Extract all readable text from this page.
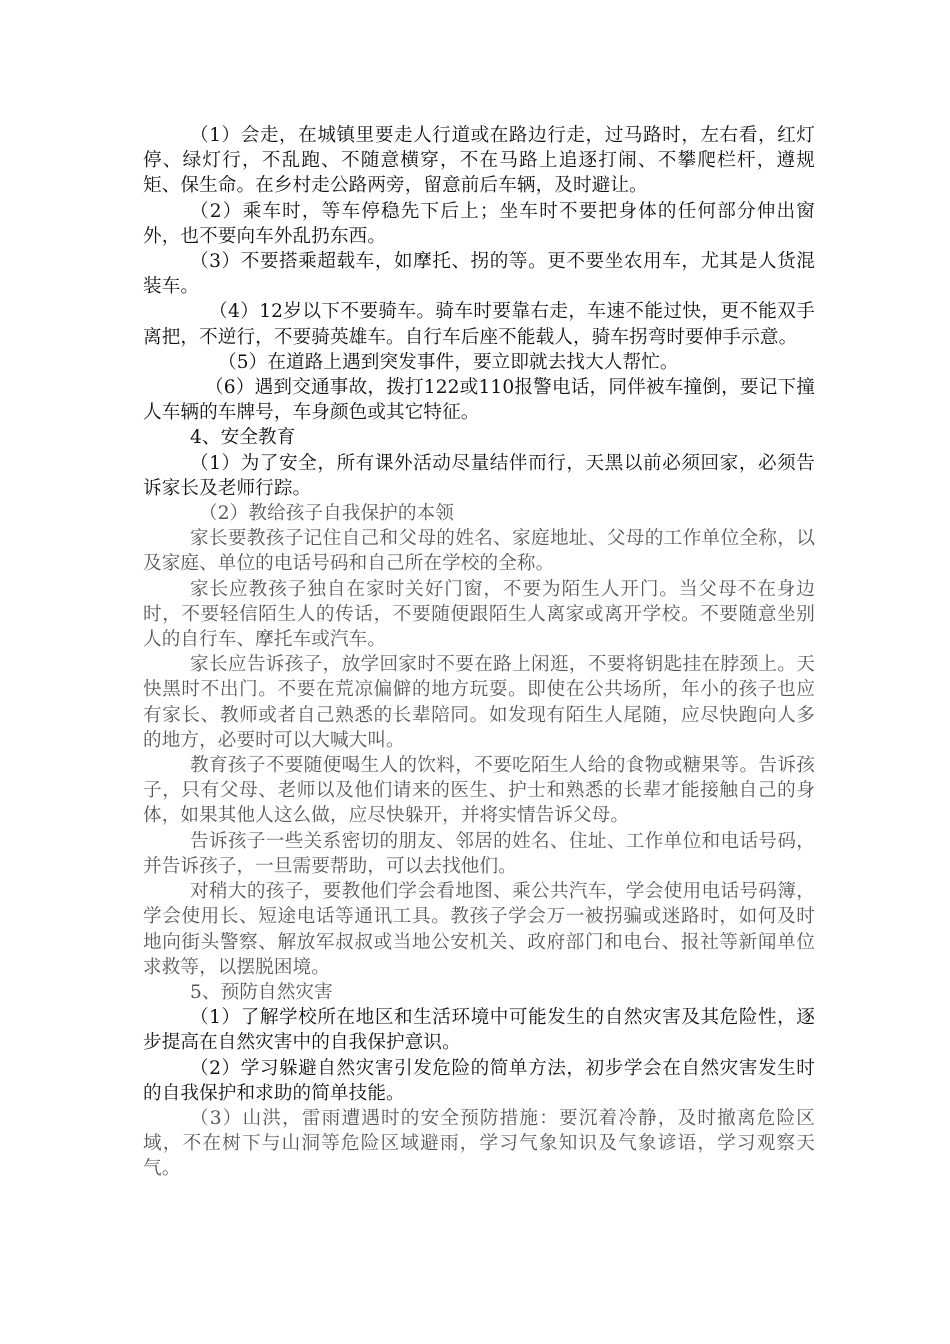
（1）会走，在城镇里要走人行道或在路边行走，过马路时，左右看，红灯停、绿灯行，不乱跑、不随意横穿，不在马路上追逐打闹、不攀爬栏杆，遵规矩、保生命。在乡村走公路两旁，留意前后车辆，及时避让。

（2）乘车时，等车停稳先下后上；坐车时不要把身体的任何部分伸出窗外，也不要向车外乱扔东西。

（3）不要搭乘超载车，如摩托、拐的等。更不要坐农用车，尤其是人货混装车。

（4）12岁以下不要骑车。骑车时要靠右走，车速不能过快，更不能双手离把，不逆行，不要骑英雄车。自行车后座不能载人，骑车拐弯时要伸手示意。

（5）在道路上遇到突发事件，要立即就去找大人帮忙。

（6）遇到交通事故，拨打122或110报警电话，同伴被车撞倒，要记下撞人车辆的车牌号，车身颜色或其它特征。

4、安全教育

（1）为了安全，所有课外活动尽量结伴而行，天黑以前必须回家，必须告诉家长及老师行踪。

（2）教给孩子自我保护的本领

家长要教孩子记住自己和父母的姓名、家庭地址、父母的工作单位全称，以及家庭、单位的电话号码和自己所在学校的全称。

家长应教孩子独自在家时关好门窗，不要为陌生人开门。当父母不在身边时，不要轻信陌生人的传话，不要随便跟陌生人离家或离开学校。不要随意坐别人的自行车、摩托车或汽车。

家长应告诉孩子，放学回家时不要在路上闲逛，不要将钥匙挂在脖颈上。天快黑时不出门。不要在荒凉偏僻的地方玩耍。即使在公共场所，年小的孩子也应有家长、教师或者自己熟悉的长辈陪同。如发现有陌生人尾随，应尽快跑向人多的地方，必要时可以大喊大叫。

教育孩子不要随便喝生人的饮料，不要吃陌生人给的食物或糖果等。告诉孩子，只有父母、老师以及他们请来的医生、护士和熟悉的长辈才能接触自己的身体，如果其他人这么做，应尽快躲开，并将实情告诉父母。

告诉孩子一些关系密切的朋友、邻居的姓名、住址、工作单位和电话号码，并告诉孩子，一旦需要帮助，可以去找他们。

对稍大的孩子，要教他们学会看地图、乘公共汽车，学会使用电话号码簿，学会使用长、短途电话等通讯工具。教孩子学会万一被拐骗或迷路时，如何及时地向街头警察、解放军叔叔或当地公安机关、政府部门和电台、报社等新闻单位求救等，以摆脱困境。

5、预防自然灾害

（1）了解学校所在地区和生活环境中可能发生的自然灾害及其危险性，逐步提高在自然灾害中的自我保护意识。

（2）学习躲避自然灾害引发危险的简单方法，初步学会在自然灾害发生时的自我保护和求助的简单技能。

（3）山洪，雷雨遭遇时的安全预防措施：要沉着冷静，及时撤离危险区域，不在树下与山洞等危险区域避雨，学习气象知识及气象谚语，学习观察天气。
